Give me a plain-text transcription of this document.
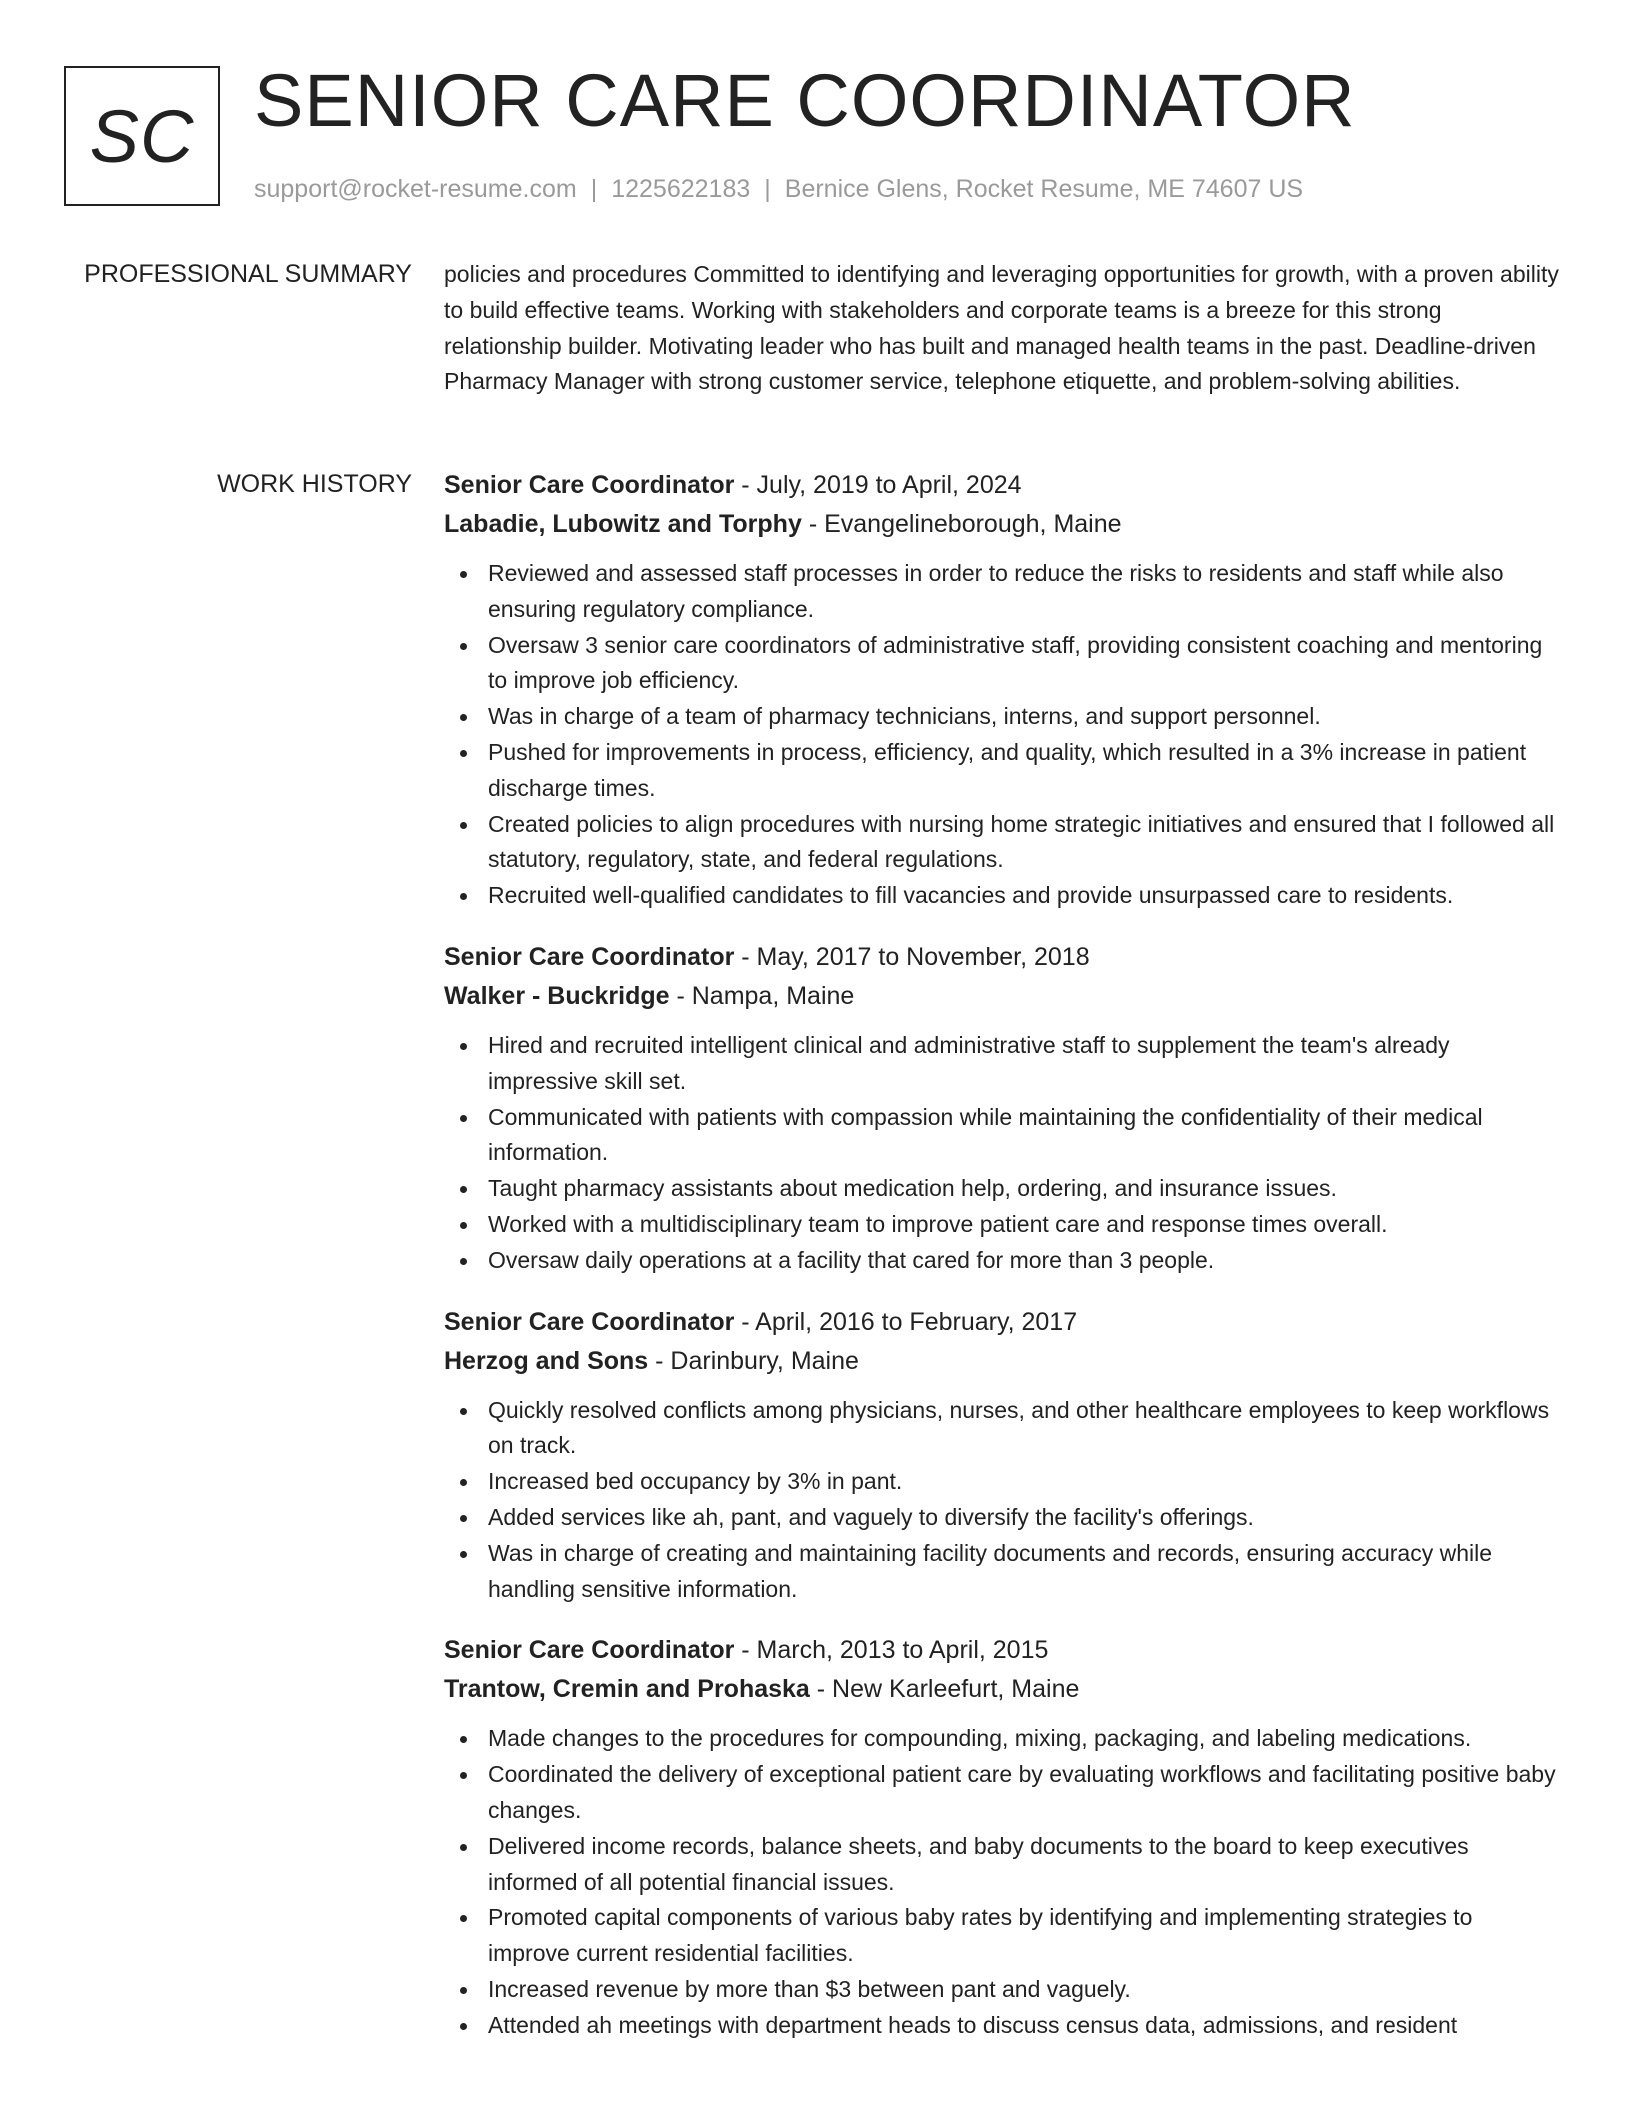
SC SENIOR CARE COORDINATOR
support@rocket-resume.com | 1225622183 | Bernice Glens, Rocket Resume, ME 74607 US
PROFESSIONAL SUMMARY policies and procedures Committed to identifying and leveraging opportunities for growth, with a proven ability to build effective teams. Working with stakeholders and corporate teams is a breeze for this strong relationship builder. Motivating leader who has built and managed health teams in the past. Deadline-driven Pharmacy Manager with strong customer service, telephone etiquette, and problem-solving abilities.

WORK HISTORY Senior Care Coordinator - July, 2019 to April, 2024

Labadie, Lubowitz and Torphy - Evangelineborough, Maine

Reviewed and assessed staff processes in order to reduce the risks to residents and staff while also ensuring regulatory compliance.
Oversaw 3 senior care coordinators of administrative staff, providing consistent coaching and mentoring to improve job efficiency.
Was in charge of a team of pharmacy technicians, interns, and support personnel.
Pushed for improvements in process, efficiency, and quality, which resulted in a 3% increase in patient discharge times.
Created policies to align procedures with nursing home strategic initiatives and ensured that I followed all statutory, regulatory, state, and federal regulations.
Recruited well-qualified candidates to fill vacancies and provide unsurpassed care to residents.

Senior Care Coordinator - May, 2017 to November, 2018

Walker - Buckridge - Nampa, Maine

Hired and recruited intelligent clinical and administrative staff to supplement the team's already impressive skill set.
Communicated with patients with compassion while maintaining the confidentiality of their medical information.
Taught pharmacy assistants about medication help, ordering, and insurance issues.
Worked with a multidisciplinary team to improve patient care and response times overall.
Oversaw daily operations at a facility that cared for more than 3 people.

Senior Care Coordinator - April, 2016 to February, 2017

Herzog and Sons - Darinbury, Maine

Quickly resolved conflicts among physicians, nurses, and other healthcare employees to keep workflows on track.
Increased bed occupancy by 3% in pant.
Added services like ah, pant, and vaguely to diversify the facility's offerings.
Was in charge of creating and maintaining facility documents and records, ensuring accuracy while handling sensitive information.

Senior Care Coordinator - March, 2013 to April, 2015

Trantow, Cremin and Prohaska - New Karleefurt, Maine

Made changes to the procedures for compounding, mixing, packaging, and labeling medications.
Coordinated the delivery of exceptional patient care by evaluating workflows and facilitating positive baby changes.
Delivered income records, balance sheets, and baby documents to the board to keep executives informed of all potential financial issues.
Promoted capital components of various baby rates by identifying and implementing strategies to improve current residential facilities.
Increased revenue by more than $3 between pant and vaguely.
Attended ah meetings with department heads to discuss census data, admissions, and resident
